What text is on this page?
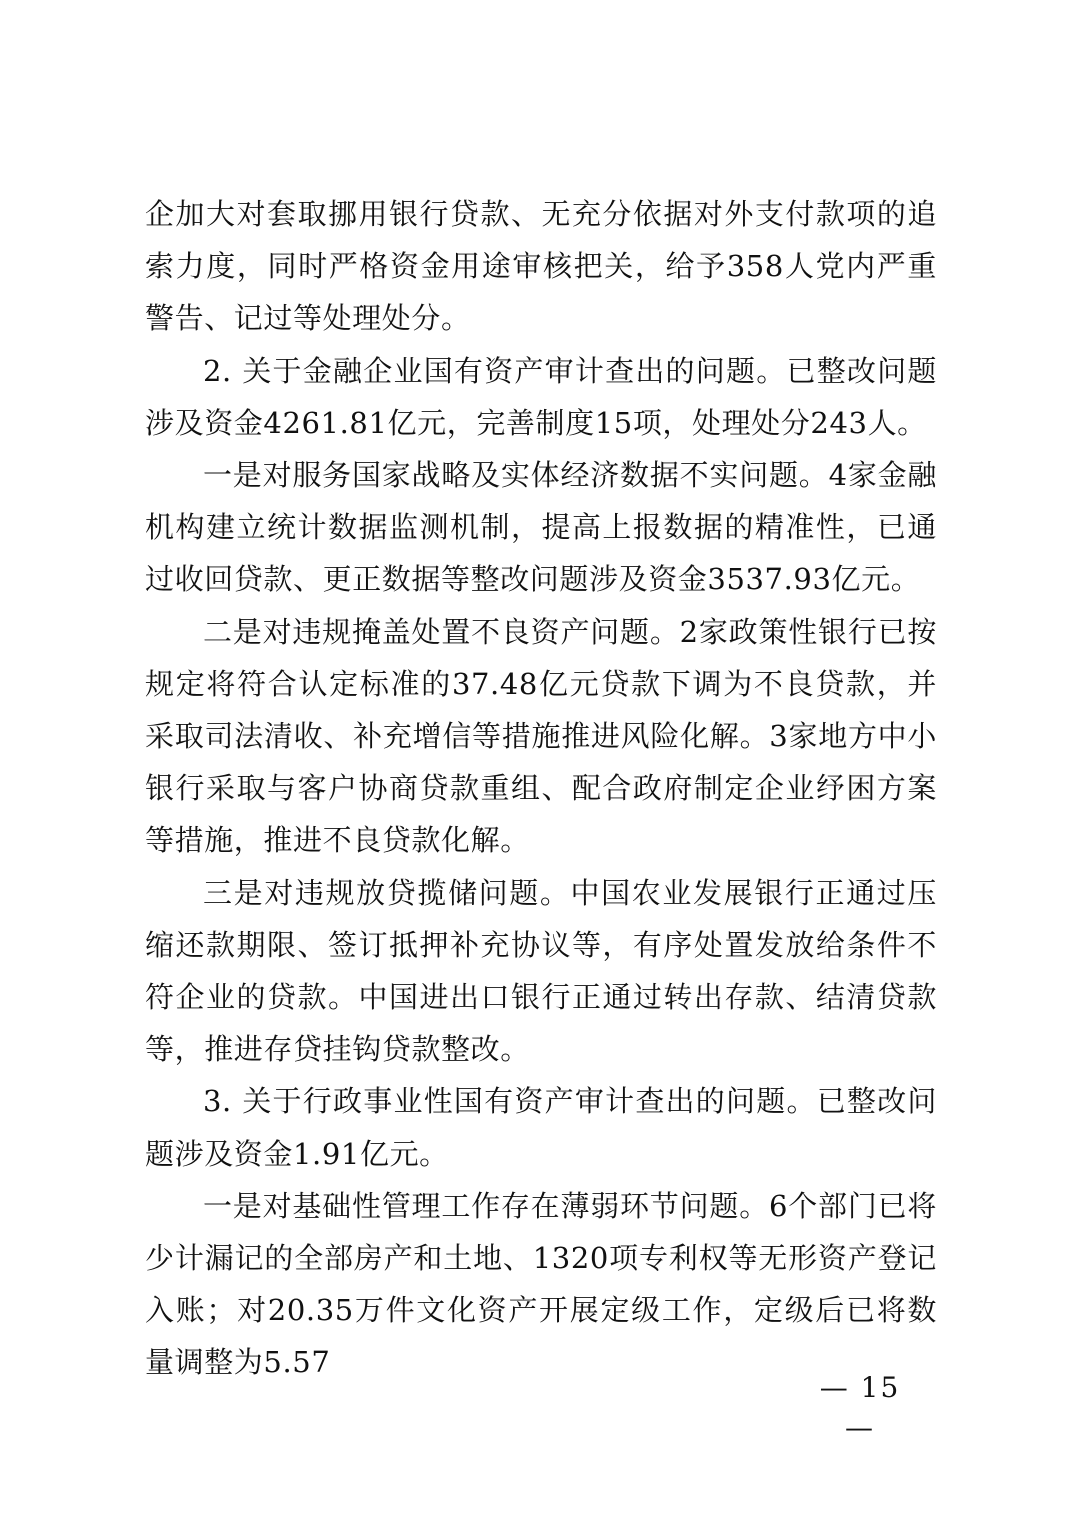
企加大对套取挪用银行贷款、无充分依据对外支付款项的追索力度，同时严格资金用途审核把关，给予358人党内严重警告、记过等处理处分。

2. 关于金融企业国有资产审计查出的问题。已整改问题涉及资金4261.81亿元，完善制度15项，处理处分243人。

一是对服务国家战略及实体经济数据不实问题。4家金融机构建立统计数据监测机制，提高上报数据的精准性，已通过收回贷款、更正数据等整改问题涉及资金3537.93亿元。

二是对违规掩盖处置不良资产问题。2家政策性银行已按规定将符合认定标准的37.48亿元贷款下调为不良贷款，并采取司法清收、补充增信等措施推进风险化解。3家地方中小银行采取与客户协商贷款重组、配合政府制定企业纾困方案等措施，推进不良贷款化解。

三是对违规放贷揽储问题。中国农业发展银行正通过压缩还款期限、签订抵押补充协议等，有序处置发放给条件不符企业的贷款。中国进出口银行正通过转出存款、结清贷款等，推进存贷挂钩贷款整改。

3. 关于行政事业性国有资产审计查出的问题。已整改问题涉及资金1.91亿元。

一是对基础性管理工作存在薄弱环节问题。6个部门已将少计漏记的全部房产和土地、1320项专利权等无形资产登记入账；对20.35万件文化资产开展定级工作，定级后已将数量调整为5.57

— 15 —
